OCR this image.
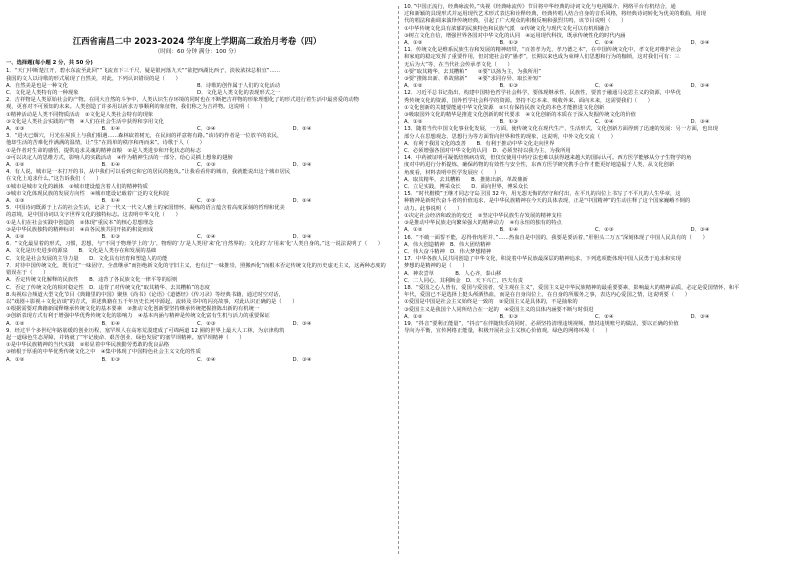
江西省南昌二中 2023-2024 学年度上学期高二政治月考卷（四）
（时间：60 分钟 满分：100 分）
一、选择题(每小题 2 分，共 50 分)

1．“天门中断楚江开，碧水东流至此回”“飞流直下三千尺，疑是银河落九天”“欲把西湖比西子，淡妆浓抹总相宜”……

我国的文人以诗歌的形式展现了自然美，对此，下列认识错误的是（　　）

A．自然美是也是一种文化	B．诗歌的创作属于人们的文化活动
C．文化是人类特有的一种现象	D．文化是人类文化的表现形式之一

2．吉祥物是人类原始社会的产物。在同大自然的斗争中，人类认识生存环境的同时也在不断把吉祥物的形象理想化了的形式进行着生活中最喜爱的动物

观，更喜对不可预知的未来。人类创造了许多用以祈求万事顺利的象征物，我们称之为吉祥物。这说明（　　）

①精神活动是人类不同物质活动　②文化是人类社会特有的现象

③文化是人类社会实践的产物　④人们在社会生活中获得和享用文化

A．②③	B．①④	C．③④	D．②④

3．“进火已烟穴，月光在屋顶上与我们相遇……森林砍着树无，在民间的祥意将有路。”该诗的作者是一位放羊的农民，

他却生活的苦难化作满满的温情，让”生“在简单的秩序和再而来”。诗歌于人（　　）

①是作者对生命的感悟，提供追求灵魂的精神食粮　②是人类进步和开化状态的标志

③可以决定人的思维方式，影响人的实践活动　④作为精神生活的一部分，给心灵插上想象的翅膀

A．①②	B．①④	C．②③	D．③④

4．有人说，城市是一本打开的书，从中我们可以看到它和它的居民的抱负。”让我看看你的城市，我就能说出这个城市居民

在文化上追求什么。”这告诉我们（　　）

①城市是城市文化的载体　②城市建设蕴含着人们的精神特质

③城市文化体现民族的发展方向性　④城市建设记载着广泛的文化积淀

A．①③	B．①④	C．②③	D．②④

5．中国诗词既源于上古的社会生活，记录了一代又一代文人雅士的家国情怀，凝练的语言蕴含着高度深刻的哲理和优美

的意境，是中国诗词以文字世界文化的独特标志。这表明中华文化（　　）

①是人们在社会实践中创造的　②体现“重民本”的核心思想理念

③是中华民族独特的精神标识　④由各民族共同开拓的积淀而成

A．①②	B．①③	C．②④	D．③④

6．“文化最显着的形式，习惯，思想，与“不同于物理学上的‘力’，物理的‘力’是人类用‘来’化’自然界的；文化的‘力’用来‘化’人类自身的。”这一说法说明了（　　）

A．文化是历史进步的源泉　　B．文化是人类存在和发展的基础

C．文化是社会发展的主导力量　　D．文化具有培育和塑造人的功能

7．对待中国传统文化，既有过“一味固守，全盘继承”而拒绝新文化的守旧主义，也有过“一味推崇，照搬西化”而根本否定传统文化的历史虚无主义，这两种态度的错误在于（　　）

A．否定传统文化解释的民族性　　B．违背了各民族文化一律平等的原则

C．否定了传统文化的相对稳定性　D．违背了对传统文化“取其精华、去其糟粕”的态度

8.央视综合频道大型文化节目《典籍里的中国》聚焦《尚书》《论语》《道德经》《传习录》等经典书籍，通过时空对话，

以”戏剧＋影视＋文化访谈”的方式，讲述典籍在五千年历史长河中源起、流转及书中的闪亮故事，对此认识正确的是（　　）

①根据需要对典籍新闻释继承传统文化的基本要素　②推动文化创新要坚持继承传统把握推陈出新的有机统一

③创新表现方式有利于增强中华优秀传统文化的影响力　④基本内涵与精神是传统文化富有生机与活力的重要保证

A．①②	B．①④	C．②③	D．③④

9．经过半个多世纪年路筋缓的创业历程，塞罕坝人在高寒荒漠建成了可绵两道 12 圈的世界上最大人工林，为京津构筑

起一道绿色生态屏障，并铸就了“牢记使命、艰苦创业、绿色发展”的塞罕坝精神。塞罕坝精神（　　）

①是中华民族精神的当代实践　②彰显着中华民族勤劳勇敢的优良品格

③植根于厚重的中华优秀传统文化之中　④集中体现了中国特色社会主义文化的性质

A．①②	B．①③	C．②④	D．③④

10．”中国正流行，经典咏流传。”央视《经典咏流传》节目将中华经典的诗词文化与电视媒介、网络平台有机结合，通

过和新颖的具现形式并运用现代艺术形式表达和诠释经典，经典传唱人结合自身的音乐风格，将经典诗词转化为优美的歌曲，用现

代的唱法和曲调来演绎传统经典，引起了广大观众的积极反响和强烈共鸣，该节目说明（　　）

①中华传统文化具有浓郁的民族特色和民族气派　②传统文化与现代文化可以有机相融合

③树立文化自信，增强世界各国对中华文化的认同　④运用现代科技，既承传统性化的时代内涵

A．①②	B．①③	C．②④	D．③④

11．传统文化是维系民族生存和发展的精神纽带，“百善孝为先，孝乃德之本”，在中国传统文化中，孝文化对维护社会

和家庭的稳定发挥了重要作用，但封建社会的”愚孝”，长期以来也成为束缚人们思想和行为的枷锁，这对我们可有：三

无后为大”等，在当代社会传承孝文化（　　）

①要“取其精华，去其糟粕”　　②要“以扬为主，为我所用”

③要“推陈出新、革故鼎新”　　④要“求同存异、取长补短”

A．①②	B．①③	C．②④	D．③④

12．习近平总书记指出，构建中国特色哲学社会科学，要体现继承性、民族性，要善于融通马克思主义的资源，中华优

秀传统文化的资源，国外哲学社会科学的资源。坚持不忘本来、吸收外来、面向未来，这需要我们（　　）

①文化创新的关键要能通中华文化资源　②只有保持民族文化的本色才能推进文化创新

③吸取国外文化的精华是推进文化创新的时代要求　④文化创新的本质在于深入发掘传统文化的价值

A．①②	B．①③	C．②④	D．③④

13．随着当代中国文化事业化发展，一方面，使传统文化在现代生产、生活形式，文化创新方面得到了迅速的发展：另一方面，也出现

部分人在思想观念、思想行为等方面背向世界和性的现象，这说明，中外文化交流（　　）

A．有利于我国文化的改善　　B．有利于推动中华文化走向世界

C．必须增强各国对中华文化的认同　D．必须坚持以我为主，为我所用

14．中药被证明可凝低结核病功效，但仅仅使用中药疗法也难以获得越来越大的国际认可。西方医学能够从分子生物学的角

度对中药进行分析提炼，确保药物的有效性与安全性，东西方医学研究携手合作才能更好地造福于人类，从文化创新

角度看，材料表明中医学发展应（　　）

A．取其精华，去其糟粕　　B．推陈出新，革故鼎新

C．立足实践，博采众长　　D．面向世界，博采众长

15．“时代楷模”王继才同志守岛卫国 32 年，用无怨无悔的坚守和付出，在平凡的岗位上书写了不平凡的人生华章，这

种精神是新时代奋斗者的价值追求，是中华民族精神在今天的具体表现，正是“中国精神”的生动注释了这个国家巍峨不倒的

动力。此事说明（　　）

①决定社会经济和政治的变迁　②坚定中华民族生存发展的精神支柱

③是推动中华民族走向繁荣强大的精神动力　④有永恒的独有的特点

A．①②	B．①④	C．②③	D．③④

16．“不破一面誓不能，忍得骨肉肝并、”……热血自是中国的，我要是要活着，”肝胆头二万五”深刻体现了中国人民具有的（　　）

A．伟大创造精神　B．伟大团结精神

C．伟大奋斗精神　D．伟大梦想精神

17．中华各族人民共同创造了中华文化，积淀着中华民族最深层的精神追求，下列选项能体现中国人民勇于追求和实现

梦想的是精神的是（　　）

A．神农尝草　　　　B．人心齐，泰山移

C．二人同心，其利断金　D．天下兴亡，匹夫有责

18．“爱国之心人皆有，爱国与爱国者，受主观在主义”，爱国主义是中华民族精神的最重要要素，影响最大的精神品质，必定是爱国情怀，和平

年代，爱国已不是选择上挺头颅洒热血，而是在自身岗位上，在自身的所服务之事，表达内心爱国之情，这说明要（　　）

①爱国是中国是社会主义始终是一致的　②爱国主义是具体的，不是抽象的

③爱国主义是我国个人同所结合在一起的　④爱国主义的具体内涵要不断与时俱进

A．①②	B．①③	C．②④	D．③④

19．“抖音”要利正能量”，“抖音”在伴随快乐的同时，必须坚持清理违规视频，禁封违规账号的做法，要以正确的价值

导向为平衡，宣传网络正能量，积极开展社会主义核心价值观，绿色的网络环境（　　）
